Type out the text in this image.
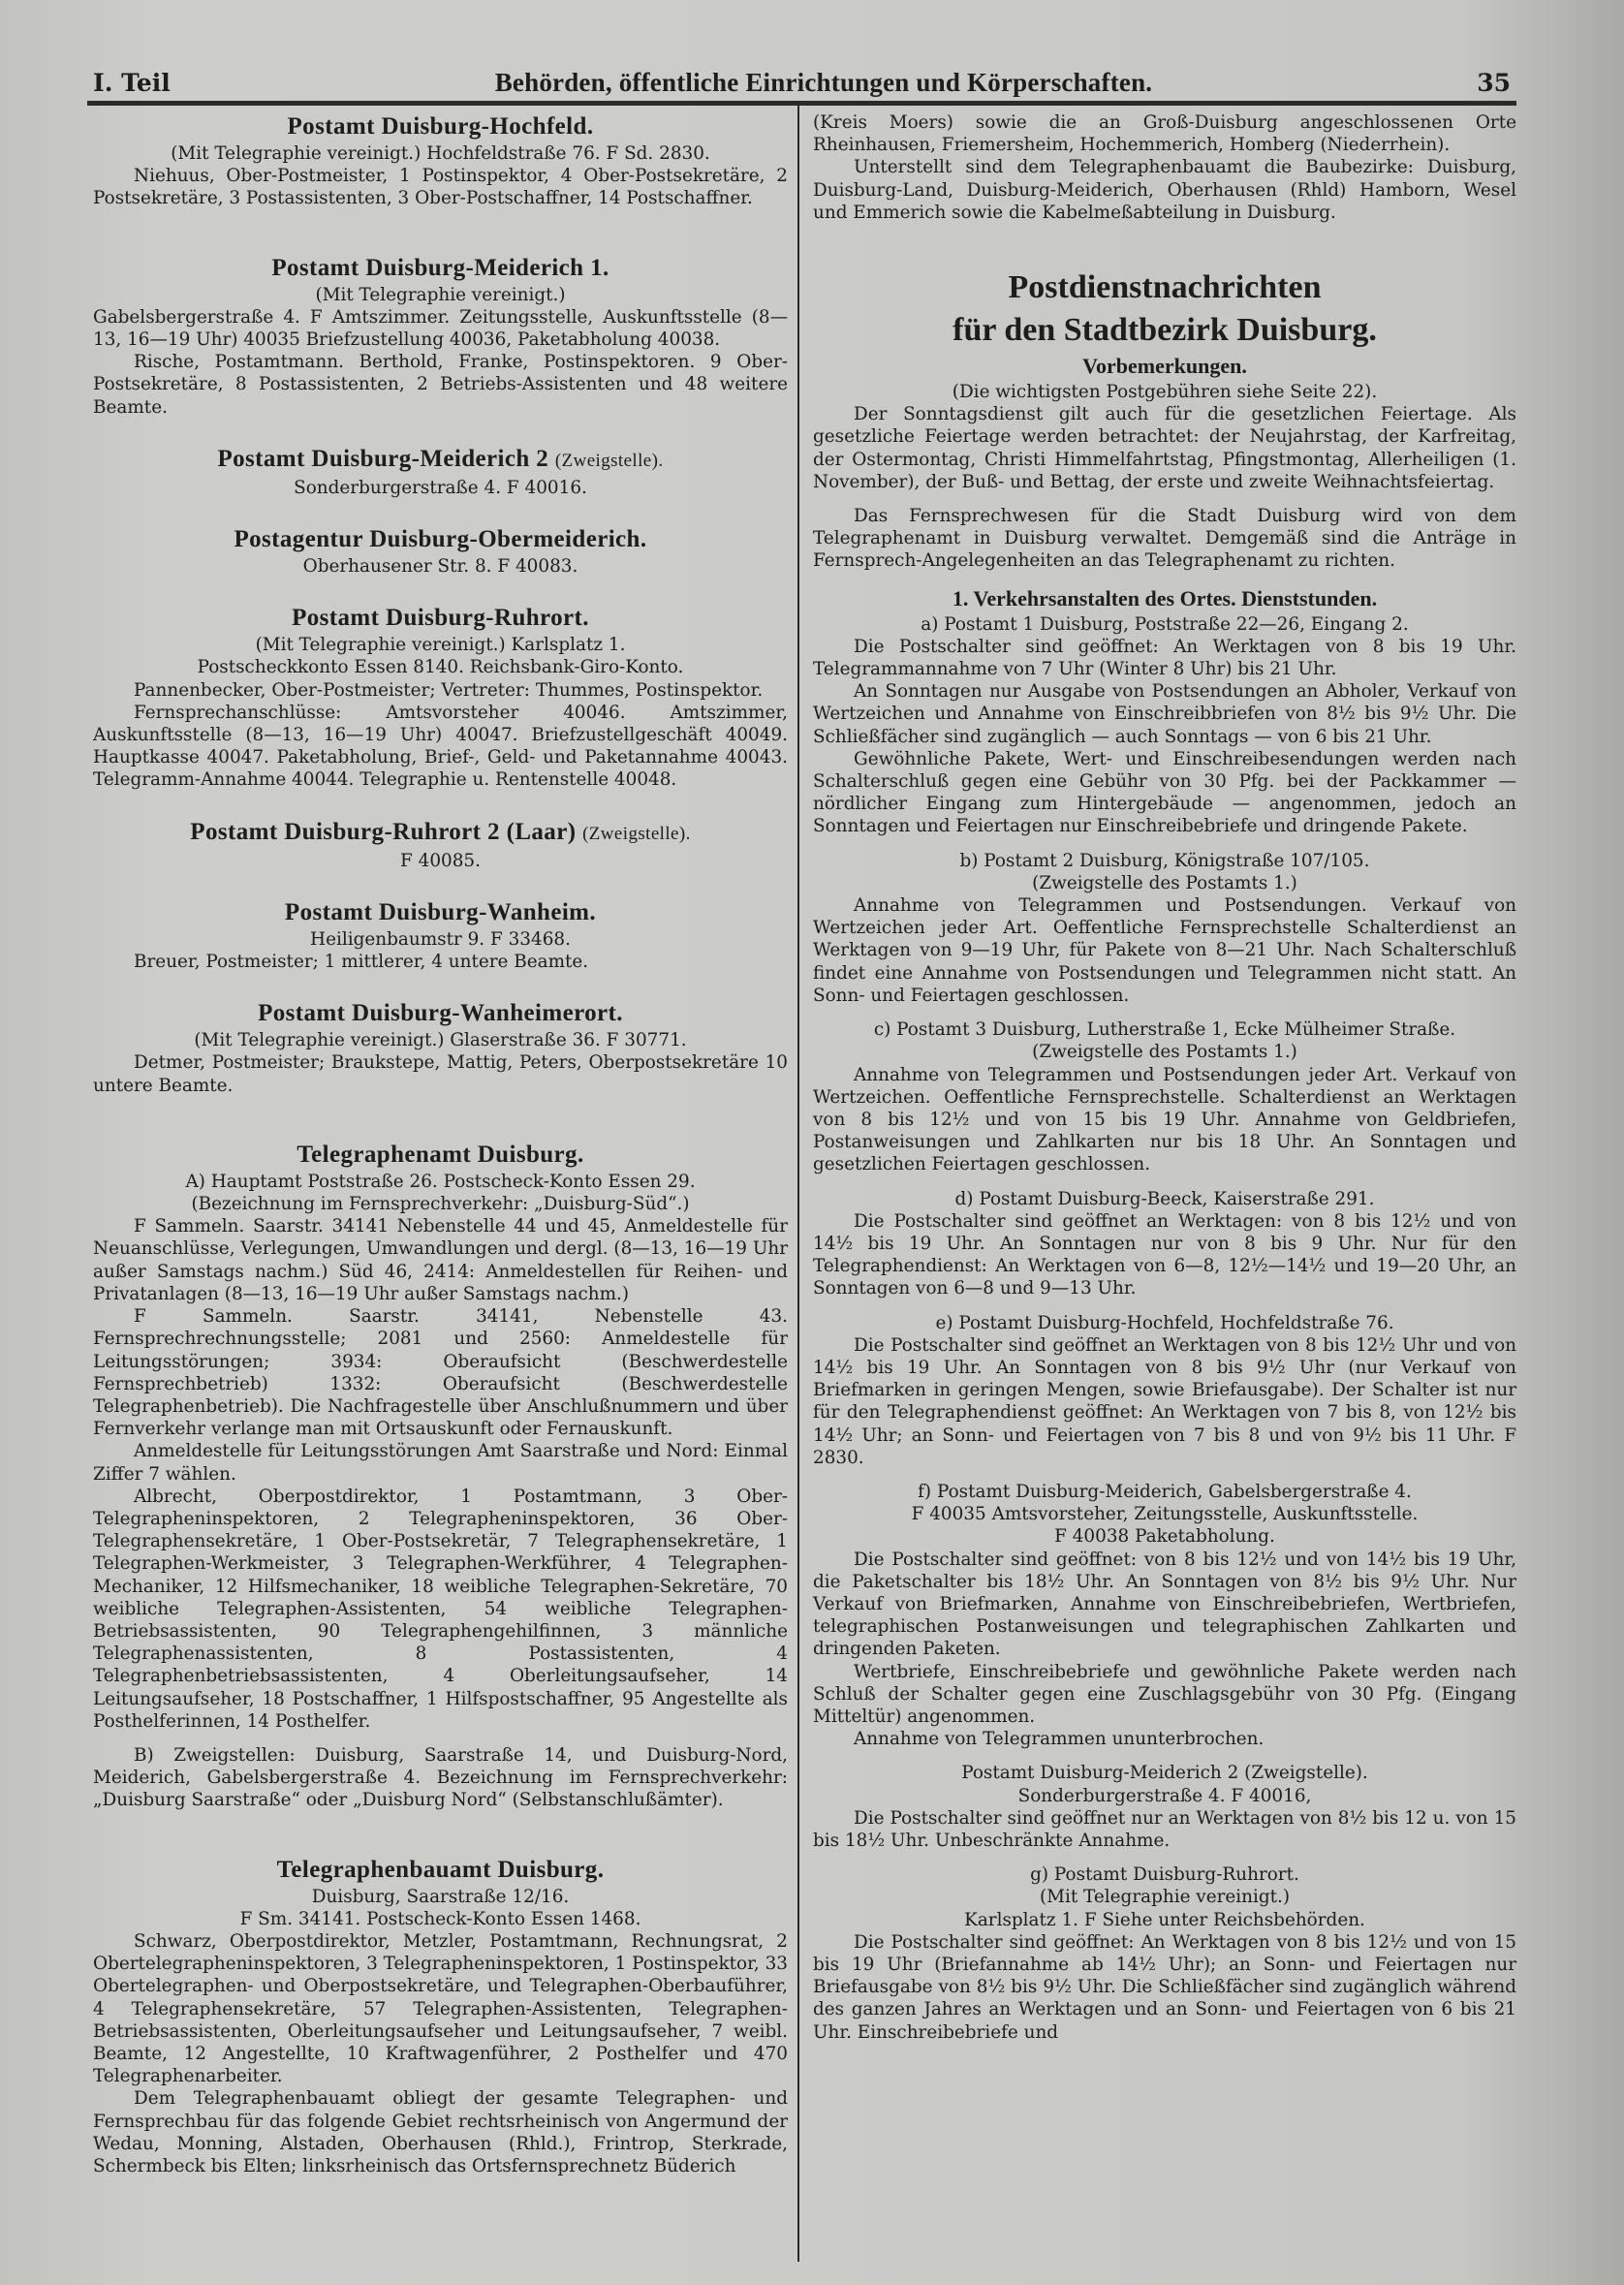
I. Teil	Behörden, öffentliche Einrichtungen und Körperschaften.	35
Postamt Duisburg-Hochfeld.

(Mit Telegraphie vereinigt.) Hochfeldstraße 76. F Sd. 2830.

Niehuus, Ober-Postmeister, 1 Postinspektor, 4 Ober-Postsekretäre, 2 Postsekretäre, 3 Postassistenten, 3 Ober-Postschaffner, 14 Postschaffner.

Postamt Duisburg-Meiderich 1.

(Mit Telegraphie vereinigt.)

Gabelsbergerstraße 4. F Amtszimmer. Zeitungsstelle, Auskunftsstelle (8—13, 16—19 Uhr) 40035 Briefzustellung 40036, Paketabholung 40038.

Rische, Postamtmann. Berthold, Franke, Postinspektoren. 9 Ober-Postsekretäre, 8 Postassistenten, 2 Betriebs-Assistenten und 48 weitere Beamte.

Postamt Duisburg-Meiderich 2 (Zweigstelle).

Sonderburgerstraße 4. F 40016.

Postagentur Duisburg-Obermeiderich.

Oberhausener Str. 8. F 40083.

Postamt Duisburg-Ruhrort.

(Mit Telegraphie vereinigt.) Karlsplatz 1.

Postscheckkonto Essen 8140. Reichsbank-Giro-Konto.

Pannenbecker, Ober-Postmeister; Vertreter: Thummes, Postinspektor.

Fernsprechanschlüsse: Amtsvorsteher 40046. Amtszimmer, Auskunftsstelle (8—13, 16—19 Uhr) 40047. Briefzustellgeschäft 40049. Hauptkasse 40047. Paketabholung, Brief-, Geld- und Paketannahme 40043. Telegramm-Annahme 40044. Telegraphie u. Rentenstelle 40048.

Postamt Duisburg-Ruhrort 2 (Laar) (Zweigstelle).

F 40085.

Postamt Duisburg-Wanheim.

Heiligenbaumstr 9. F 33468.

Breuer, Postmeister; 1 mittlerer, 4 untere Beamte.

Postamt Duisburg-Wanheimerort.

(Mit Telegraphie vereinigt.) Glaserstraße 36. F 30771.

Detmer, Postmeister; Braukstepe, Mattig, Peters, Oberpostsekretäre 10 untere Beamte.

Telegraphenamt Duisburg.

A) Hauptamt Poststraße 26. Postscheck-Konto Essen 29.

(Bezeichnung im Fernsprechverkehr: „Duisburg-Süd“.)

F Sammeln. Saarstr. 34141 Nebenstelle 44 und 45, Anmeldestelle für Neuanschlüsse, Verlegungen, Umwandlungen und dergl. (8—13, 16—19 Uhr außer Samstags nachm.) Süd 46, 2414: Anmeldestellen für Reihen- und Privatanlagen (8—13, 16—19 Uhr außer Samstags nachm.)

F Sammeln. Saarstr. 34141, Nebenstelle 43. Fernsprechrechnungsstelle; 2081 und 2560: Anmeldestelle für Leitungsstörungen; 3934: Oberaufsicht (Beschwerdestelle Fernsprechbetrieb) 1332: Oberaufsicht (Beschwerdestelle Telegraphenbetrieb). Die Nachfragestelle über Anschlußnummern und über Fernverkehr verlange man mit Ortsauskunft oder Fernauskunft.

Anmeldestelle für Leitungsstörungen Amt Saarstraße und Nord: Einmal Ziffer 7 wählen.

Albrecht, Oberpostdirektor, 1 Postamtmann, 3 Ober-Telegrapheninspektoren, 2 Telegrapheninspektoren, 36 Ober-Telegraphensekretäre, 1 Ober-Postsekretär, 7 Telegraphensekretäre, 1 Telegraphen-Werkmeister, 3 Telegraphen-Werkführer, 4 Telegraphen-Mechaniker, 12 Hilfsmechaniker, 18 weibliche Telegraphen-Sekretäre, 70 weibliche Telegraphen-Assistenten, 54 weibliche Telegraphen-Betriebsassistenten, 90 Telegraphengehilfinnen, 3 männliche Telegraphenassistenten, 8 Postassistenten, 4 Telegraphenbetriebsassistenten, 4 Oberleitungsaufseher, 14 Leitungsaufseher, 18 Postschaffner, 1 Hilfspostschaffner, 95 Angestellte als Posthelferinnen, 14 Posthelfer.

B) Zweigstellen: Duisburg, Saarstraße 14, und Duisburg-Nord, Meiderich, Gabelsbergerstraße 4. Bezeichnung im Fernsprechverkehr: „Duisburg Saarstraße“ oder „Duisburg Nord“ (Selbstanschlußämter).

Telegraphenbauamt Duisburg.

Duisburg, Saarstraße 12/16.

F Sm. 34141. Postscheck-Konto Essen 1468.

Schwarz, Oberpostdirektor, Metzler, Postamtmann, Rechnungsrat, 2 Obertelegrapheninspektoren, 3 Telegrapheninspektoren, 1 Postinspektor, 33 Obertelegraphen- und Oberpostsekretäre, und Telegraphen-Oberbauführer, 4 Telegraphensekretäre, 57 Telegraphen-Assistenten, Telegraphen-Betriebsassistenten, Oberleitungsaufseher und Leitungsaufseher, 7 weibl. Beamte, 12 Angestellte, 10 Kraftwagenführer, 2 Posthelfer und 470 Telegraphenarbeiter.

Dem Telegraphenbauamt obliegt der gesamte Telegraphen- und Fernsprechbau für das folgende Gebiet rechtsrheinisch von Angermund der Wedau, Monning, Alstaden, Oberhausen (Rhld.), Frintrop, Sterkrade, Schermbeck bis Elten; linksrheinisch das Ortsfernsprechnetz Büderich

(Kreis Moers) sowie die an Groß-Duisburg angeschlossenen Orte Rheinhausen, Friemersheim, Hochemmerich, Homberg (Niederrhein).

Unterstellt sind dem Telegraphenbauamt die Baubezirke: Duisburg, Duisburg-Land, Duisburg-Meiderich, Oberhausen (Rhld) Hamborn, Wesel und Emmerich sowie die Kabelmeßabteilung in Duisburg.

Postdienstnachrichten
für den Stadtbezirk Duisburg.
Vorbemerkungen.

(Die wichtigsten Postgebühren siehe Seite 22).

Der Sonntagsdienst gilt auch für die gesetzlichen Feiertage. Als gesetzliche Feiertage werden betrachtet: der Neujahrstag, der Karfreitag, der Ostermontag, Christi Himmelfahrtstag, Pfingstmontag, Allerheiligen (1. November), der Buß- und Bettag, der erste und zweite Weihnachtsfeiertag.

Das Fernsprechwesen für die Stadt Duisburg wird von dem Telegraphenamt in Duisburg verwaltet. Demgemäß sind die Anträge in Fernsprech-Angelegenheiten an das Telegraphenamt zu richten.

1. Verkehrsanstalten des Ortes. Dienststunden.

a) Postamt 1 Duisburg, Poststraße 22—26, Eingang 2.

Die Postschalter sind geöffnet: An Werktagen von 8 bis 19 Uhr. Telegrammannahme von 7 Uhr (Winter 8 Uhr) bis 21 Uhr.

An Sonntagen nur Ausgabe von Postsendungen an Abholer, Verkauf von Wertzeichen und Annahme von Einschreibbriefen von 8½ bis 9½ Uhr. Die Schließfächer sind zugänglich — auch Sonntags — von 6 bis 21 Uhr.

Gewöhnliche Pakete, Wert- und Einschreibesendungen werden nach Schalterschluß gegen eine Gebühr von 30 Pfg. bei der Packkammer — nördlicher Eingang zum Hintergebäude — angenommen, jedoch an Sonntagen und Feiertagen nur Einschreibebriefe und dringende Pakete.

b) Postamt 2 Duisburg, Königstraße 107/105.

(Zweigstelle des Postamts 1.)

Annahme von Telegrammen und Postsendungen. Verkauf von Wertzeichen jeder Art. Oeffentliche Fernsprechstelle Schalterdienst an Werktagen von 9—19 Uhr, für Pakete von 8—21 Uhr. Nach Schalterschluß findet eine Annahme von Postsendungen und Telegrammen nicht statt. An Sonn- und Feiertagen geschlossen.

c) Postamt 3 Duisburg, Lutherstraße 1, Ecke Mülheimer Straße.

(Zweigstelle des Postamts 1.)

Annahme von Telegrammen und Postsendungen jeder Art. Verkauf von Wertzeichen. Oeffentliche Fernsprechstelle. Schalterdienst an Werktagen von 8 bis 12½ und von 15 bis 19 Uhr. Annahme von Geldbriefen, Postanweisungen und Zahlkarten nur bis 18 Uhr. An Sonntagen und gesetzlichen Feiertagen geschlossen.

d) Postamt Duisburg-Beeck, Kaiserstraße 291.

Die Postschalter sind geöffnet an Werktagen: von 8 bis 12½ und von 14½ bis 19 Uhr. An Sonntagen nur von 8 bis 9 Uhr. Nur für den Telegraphendienst: An Werktagen von 6—8, 12½—14½ und 19—20 Uhr, an Sonntagen von 6—8 und 9—13 Uhr.

e) Postamt Duisburg-Hochfeld, Hochfeldstraße 76.

Die Postschalter sind geöffnet an Werktagen von 8 bis 12½ Uhr und von 14½ bis 19 Uhr. An Sonntagen von 8 bis 9½ Uhr (nur Verkauf von Briefmarken in geringen Mengen, sowie Briefausgabe). Der Schalter ist nur für den Telegraphendienst geöffnet: An Werktagen von 7 bis 8, von 12½ bis 14½ Uhr; an Sonn- und Feiertagen von 7 bis 8 und von 9½ bis 11 Uhr. F 2830.

f) Postamt Duisburg-Meiderich, Gabelsbergerstraße 4.

F 40035 Amtsvorsteher, Zeitungsstelle, Auskunftsstelle.

F 40038 Paketabholung.

Die Postschalter sind geöffnet: von 8 bis 12½ und von 14½ bis 19 Uhr, die Paketschalter bis 18½ Uhr. An Sonntagen von 8½ bis 9½ Uhr. Nur Verkauf von Briefmarken, Annahme von Einschreibebriefen, Wertbriefen, telegraphischen Postanweisungen und telegraphischen Zahlkarten und dringenden Paketen.

Wertbriefe, Einschreibebriefe und gewöhnliche Pakete werden nach Schluß der Schalter gegen eine Zuschlagsgebühr von 30 Pfg. (Eingang Mitteltür) angenommen.

Annahme von Telegrammen ununterbrochen.

Postamt Duisburg-Meiderich 2 (Zweigstelle).

Sonderburgerstraße 4. F 40016,

Die Postschalter sind geöffnet nur an Werktagen von 8½ bis 12 u. von 15 bis 18½ Uhr. Unbeschränkte Annahme.

g) Postamt Duisburg-Ruhrort.

(Mit Telegraphie vereinigt.)

Karlsplatz 1. F Siehe unter Reichsbehörden.

Die Postschalter sind geöffnet: An Werktagen von 8 bis 12½ und von 15 bis 19 Uhr (Briefannahme ab 14½ Uhr); an Sonn- und Feiertagen nur Briefausgabe von 8½ bis 9½ Uhr. Die Schließfächer sind zugänglich während des ganzen Jahres an Werktagen und an Sonn- und Feiertagen von 6 bis 21 Uhr. Einschreibebriefe und
